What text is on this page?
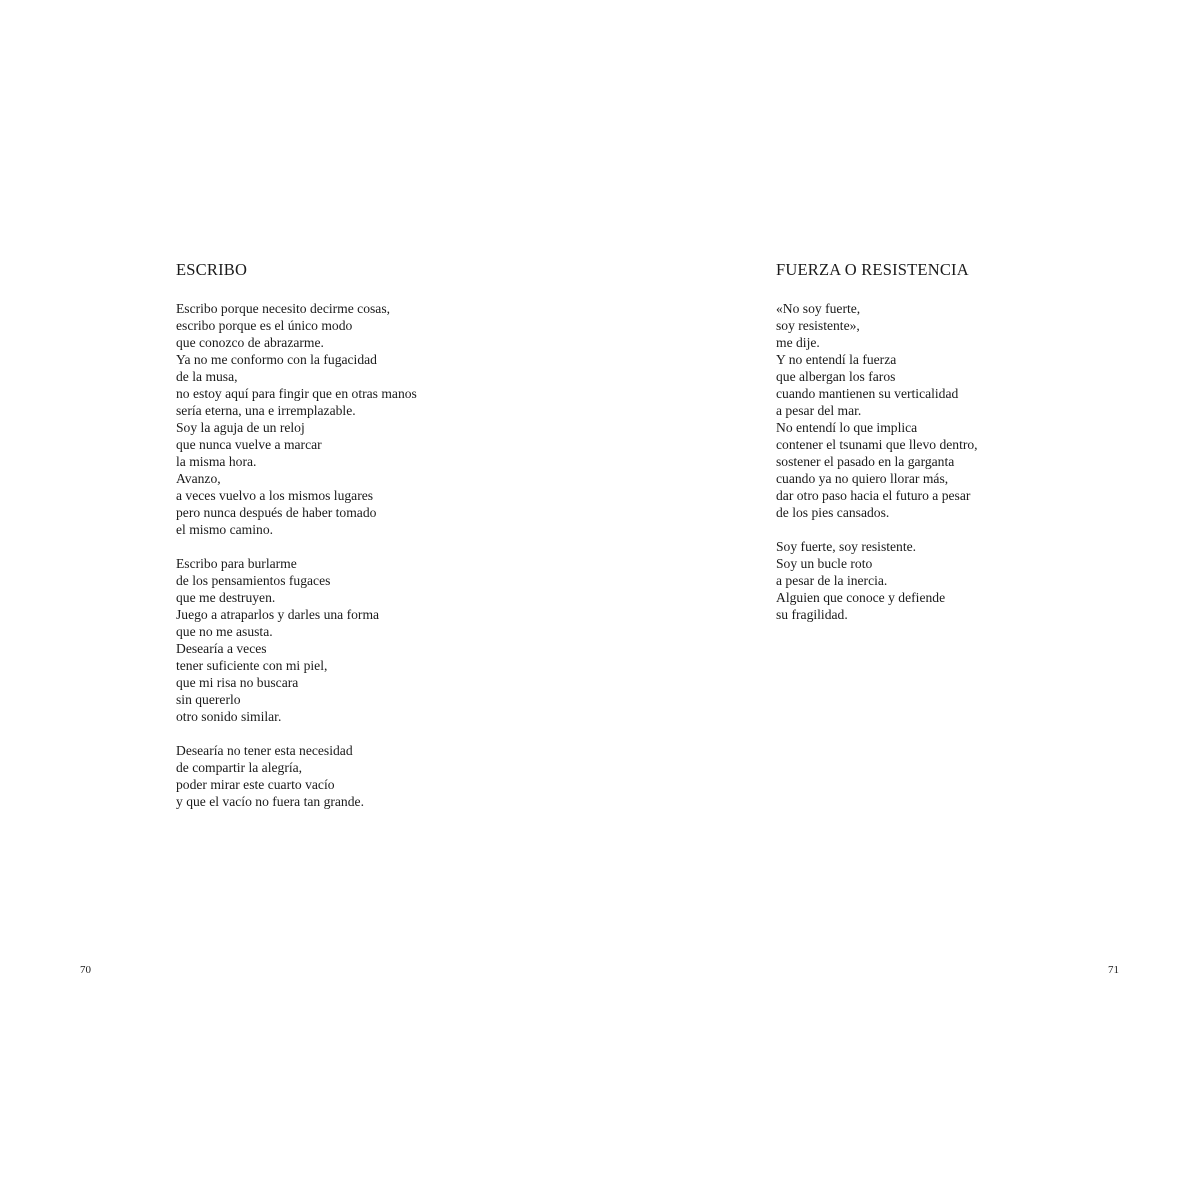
ESCRIBO
Escribo porque necesito decirme cosas,
escribo porque es el único modo
que conozco de abrazarme.
Ya no me conformo con la fugacidad
de la musa,
no estoy aquí para fingir que en otras manos
sería eterna, una e irremplazable.
Soy la aguja de un reloj
que nunca vuelve a marcar
la misma hora.
Avanzo,
a veces vuelvo a los mismos lugares
pero nunca después de haber tomado
el mismo camino.
Escribo para burlarme
de los pensamientos fugaces
que me destruyen.
Juego a atraparlos y darles una forma
que no me asusta.
Desearía a veces
tener suficiente con mi piel,
que mi risa no buscara
sin quererlo
otro sonido similar.
Desearía no tener esta necesidad
de compartir la alegría,
poder mirar este cuarto vacío
y que el vacío no fuera tan grande.
70
FUERZA O RESISTENCIA
«No soy fuerte,
soy resistente»,
me dije.
Y no entendí la fuerza
que albergan los faros
cuando mantienen su verticalidad
a pesar del mar.
No entendí lo que implica
contener el tsunami que llevo dentro,
sostener el pasado en la garganta
cuando ya no quiero llorar más,
dar otro paso hacia el futuro a pesar
de los pies cansados.
Soy fuerte, soy resistente.
Soy un bucle roto
a pesar de la inercia.
Alguien que conoce y defiende
su fragilidad.
71
